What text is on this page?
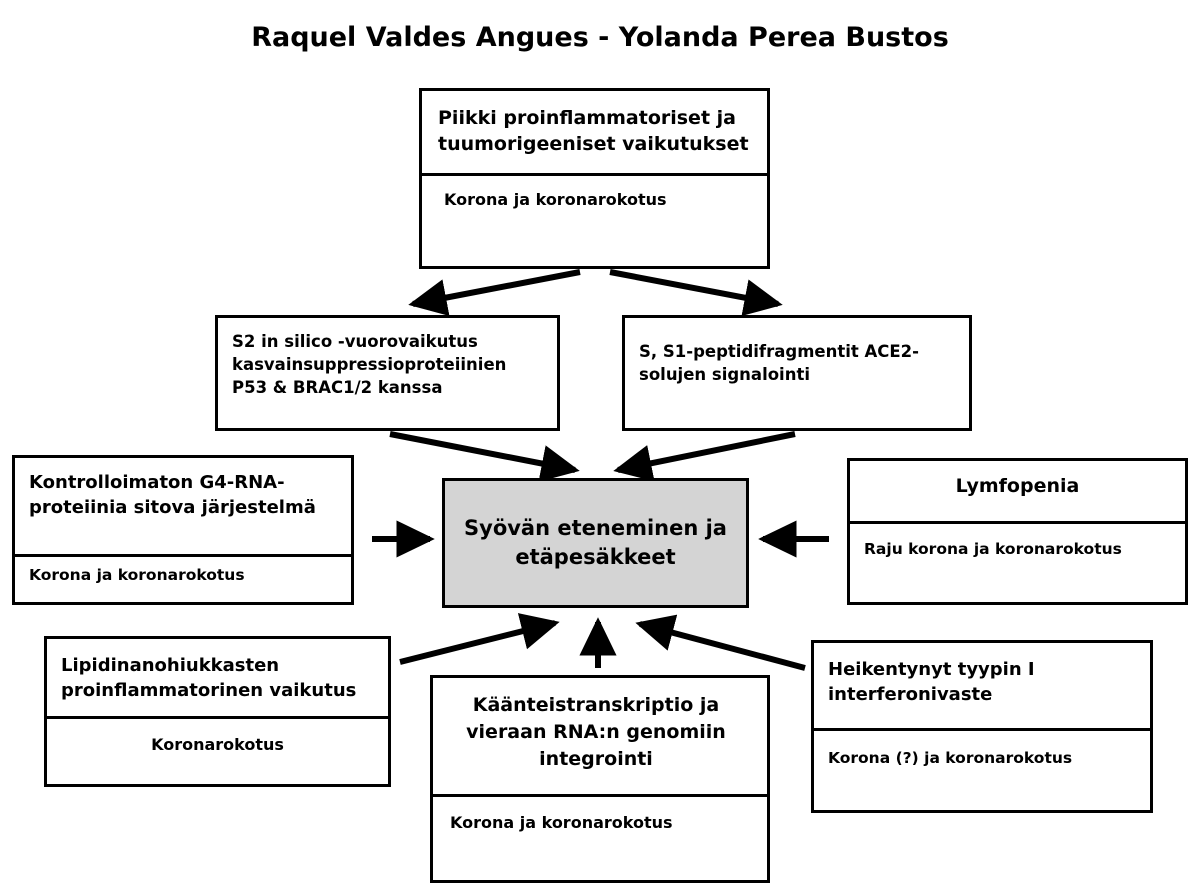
Raquel Valdes Angues - Yolanda Perea Bustos
Piikki proinflammatoriset ja tuumorigeeniset vaikutukset
Korona ja koronarokotus
S2 in silico -vuorovaikutus kasvainsuppressioproteiinien P53 & BRAC1/2 kanssa
S, S1-peptidifragmentit ACE2-solujen signalointi
Syövän eteneminen ja etäpesäkkeet
Kontrolloimaton G4-RNA-proteiinia sitova järjestelmä
Korona ja koronarokotus
Lymfopenia
Raju korona ja koronarokotus
Lipidinanohiukkasten proinflammatorinen vaikutus
Koronarokotus
Käänteistranskriptio ja vieraan RNA:n genomiin integrointi
Korona ja koronarokotus
Heikentynyt tyypin I interferonivaste
Korona (?) ja koronarokotus
